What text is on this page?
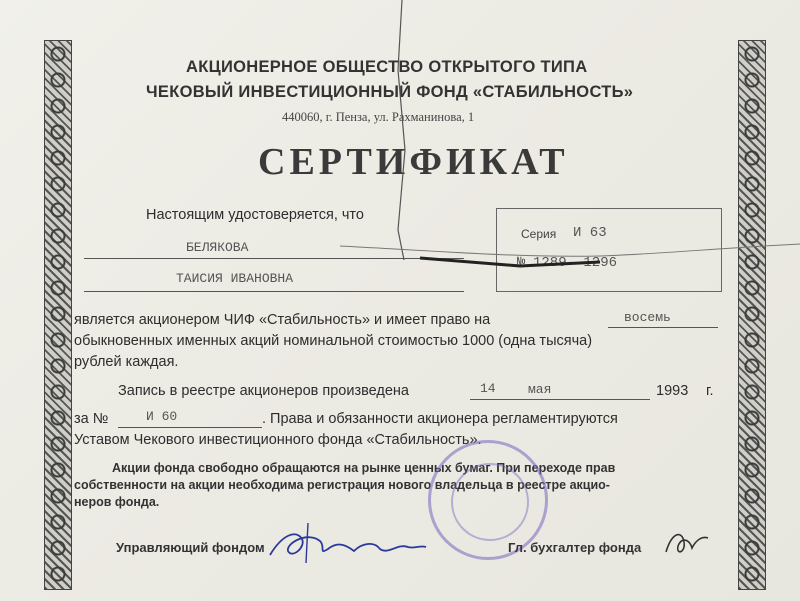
АКЦИОНЕРНОЕ ОБЩЕСТВО ОТКРЫТОГО ТИПА
ЧЕКОВЫЙ ИНВЕСТИЦИОННЫЙ ФОНД «СТАБИЛЬНОСТЬ»
440060, г. Пенза, ул. Рахманинова, 1
СЕРТИФИКАТ
Настоящим удостоверяется, что
БЕЛЯКОВА
ТАИСИЯ ИВАНОВНА
Серия И 63
№ 1289- 1296
является акционером ЧИФ «Стабильность» и имеет право на	восемь
обыкновенных именных акций номинальной стоимостью 1000 (одна тысяча)
рублей каждая.
Запись в реестре акционеров произведена	14 мая	1993 г.
за №	И 60	. Права и обязанности акционера регламентируются
Уставом Чекового инвестиционного фонда «Стабильность».
Акции фонда свободно обращаются на рынке ценных бумаг. При переходе прав
собственности на акции необходима регистрация нового владельца в реестре акцио-
неров фонда.
Управляющий фондом	Гл. бухгалтер фонда
